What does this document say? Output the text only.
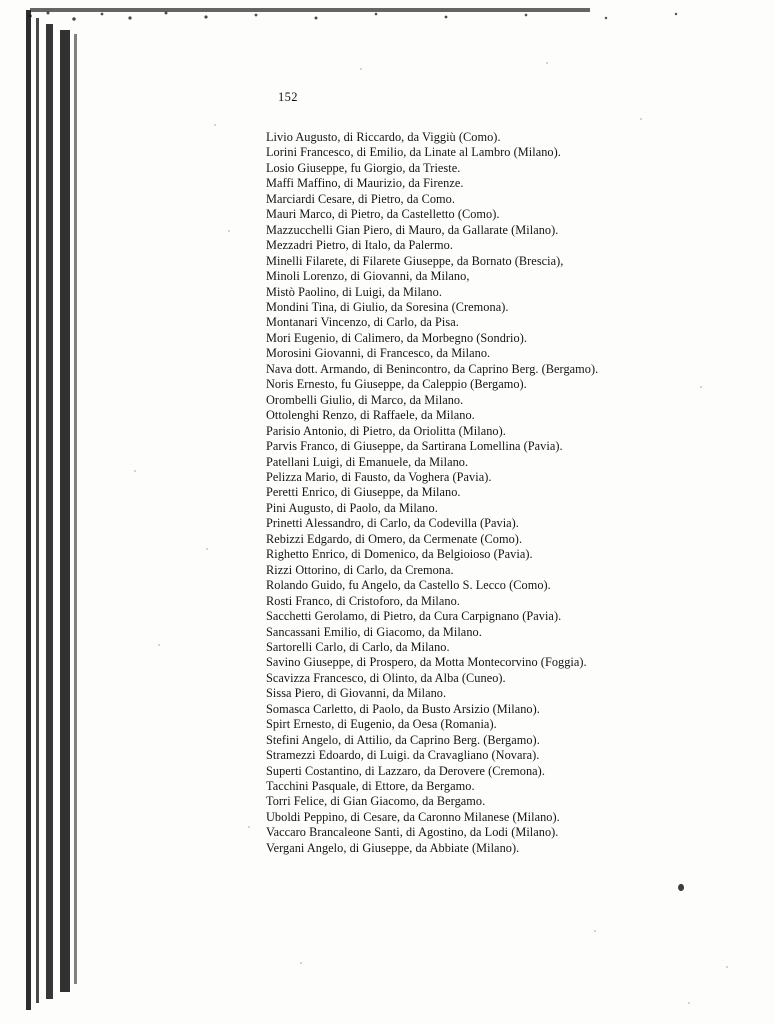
152
Livio Augusto, di Riccardo, da Viggiù (Como).
Lorini Francesco, di Emilio, da Linate al Lambro (Milano).
Losio Giuseppe, fu Giorgio, da Trieste.
Maffi Maffino, di Maurizio, da Firenze.
Marciardi Cesare, di Pietro, da Como.
Mauri Marco, di Pietro, da Castelletto (Como).
Mazzucchelli Gian Piero, di Mauro, da Gallarate (Milano).
Mezzadri Pietro, di Italo, da Palermo.
Minelli Filarete, di Filarete Giuseppe, da Bornato (Brescia),
Minoli Lorenzo, di Giovanni, da Milano,
Mistò Paolino, di Luigi, da Milano.
Mondini Tina, di Giulio, da Soresina (Cremona).
Montanari Vincenzo, di Carlo, da Pisa.
Mori Eugenio, di Calimero, da Morbegno (Sondrio).
Morosini Giovanni, di Francesco, da Milano.
Nava dott. Armando, di Benincontro, da Caprino Berg. (Bergamo).
Noris Ernesto, fu Giuseppe, da Caleppio (Bergamo).
Orombelli Giulio, di Marco, da Milano.
Ottolenghi Renzo, di Raffaele, da Milano.
Parisio Antonio, di Pietro, da Oriolitta (Milano).
Parvis Franco, di Giuseppe, da Sartirana Lomellina (Pavia).
Patellani Luigi, di Emanuele, da Milano.
Pelizza Mario, di Fausto, da Voghera (Pavia).
Peretti Enrico, di Giuseppe, da Milano.
Pini Augusto, di Paolo, da Milano.
Prinetti Alessandro, di Carlo, da Codevilla (Pavia).
Rebizzi Edgardo, di Omero, da Cermenate (Como).
Righetto Enrico, di Domenico, da Belgioioso (Pavia).
Rizzi Ottorino, di Carlo, da Cremona.
Rolando Guido, fu Angelo, da Castello S. Lecco (Como).
Rosti Franco, di Cristoforo, da Milano.
Sacchetti Gerolamo, di Pietro, da Cura Carpignano (Pavia).
Sancassani Emilio, di Giacomo, da Milano.
Sartorelli Carlo, di Carlo, da Milano.
Savino Giuseppe, di Prospero, da Motta Montecorvino (Foggia).
Scavizza Francesco, di Olinto, da Alba (Cuneo).
Sissa Piero, di Giovanni, da Milano.
Somasca Carletto, di Paolo, da Busto Arsizio (Milano).
Spirt Ernesto, di Eugenio, da Oesa (Romania).
Stefini Angelo, di Attilio, da Caprino Berg. (Bergamo).
Stramezzi Edoardo, di Luigi. da Cravagliano (Novara).
Superti Costantino, di Lazzaro, da Derovere (Cremona).
Tacchini Pasquale, di Ettore, da Bergamo.
Torri Felice, di Gian Giacomo, da Bergamo.
Uboldi Peppino, di Cesare, da Caronno Milanese (Milano).
Vaccaro Brancaleone Santi, di Agostino, da Lodi (Milano).
Vergani Angelo, di Giuseppe, da Abbiate (Milano).
